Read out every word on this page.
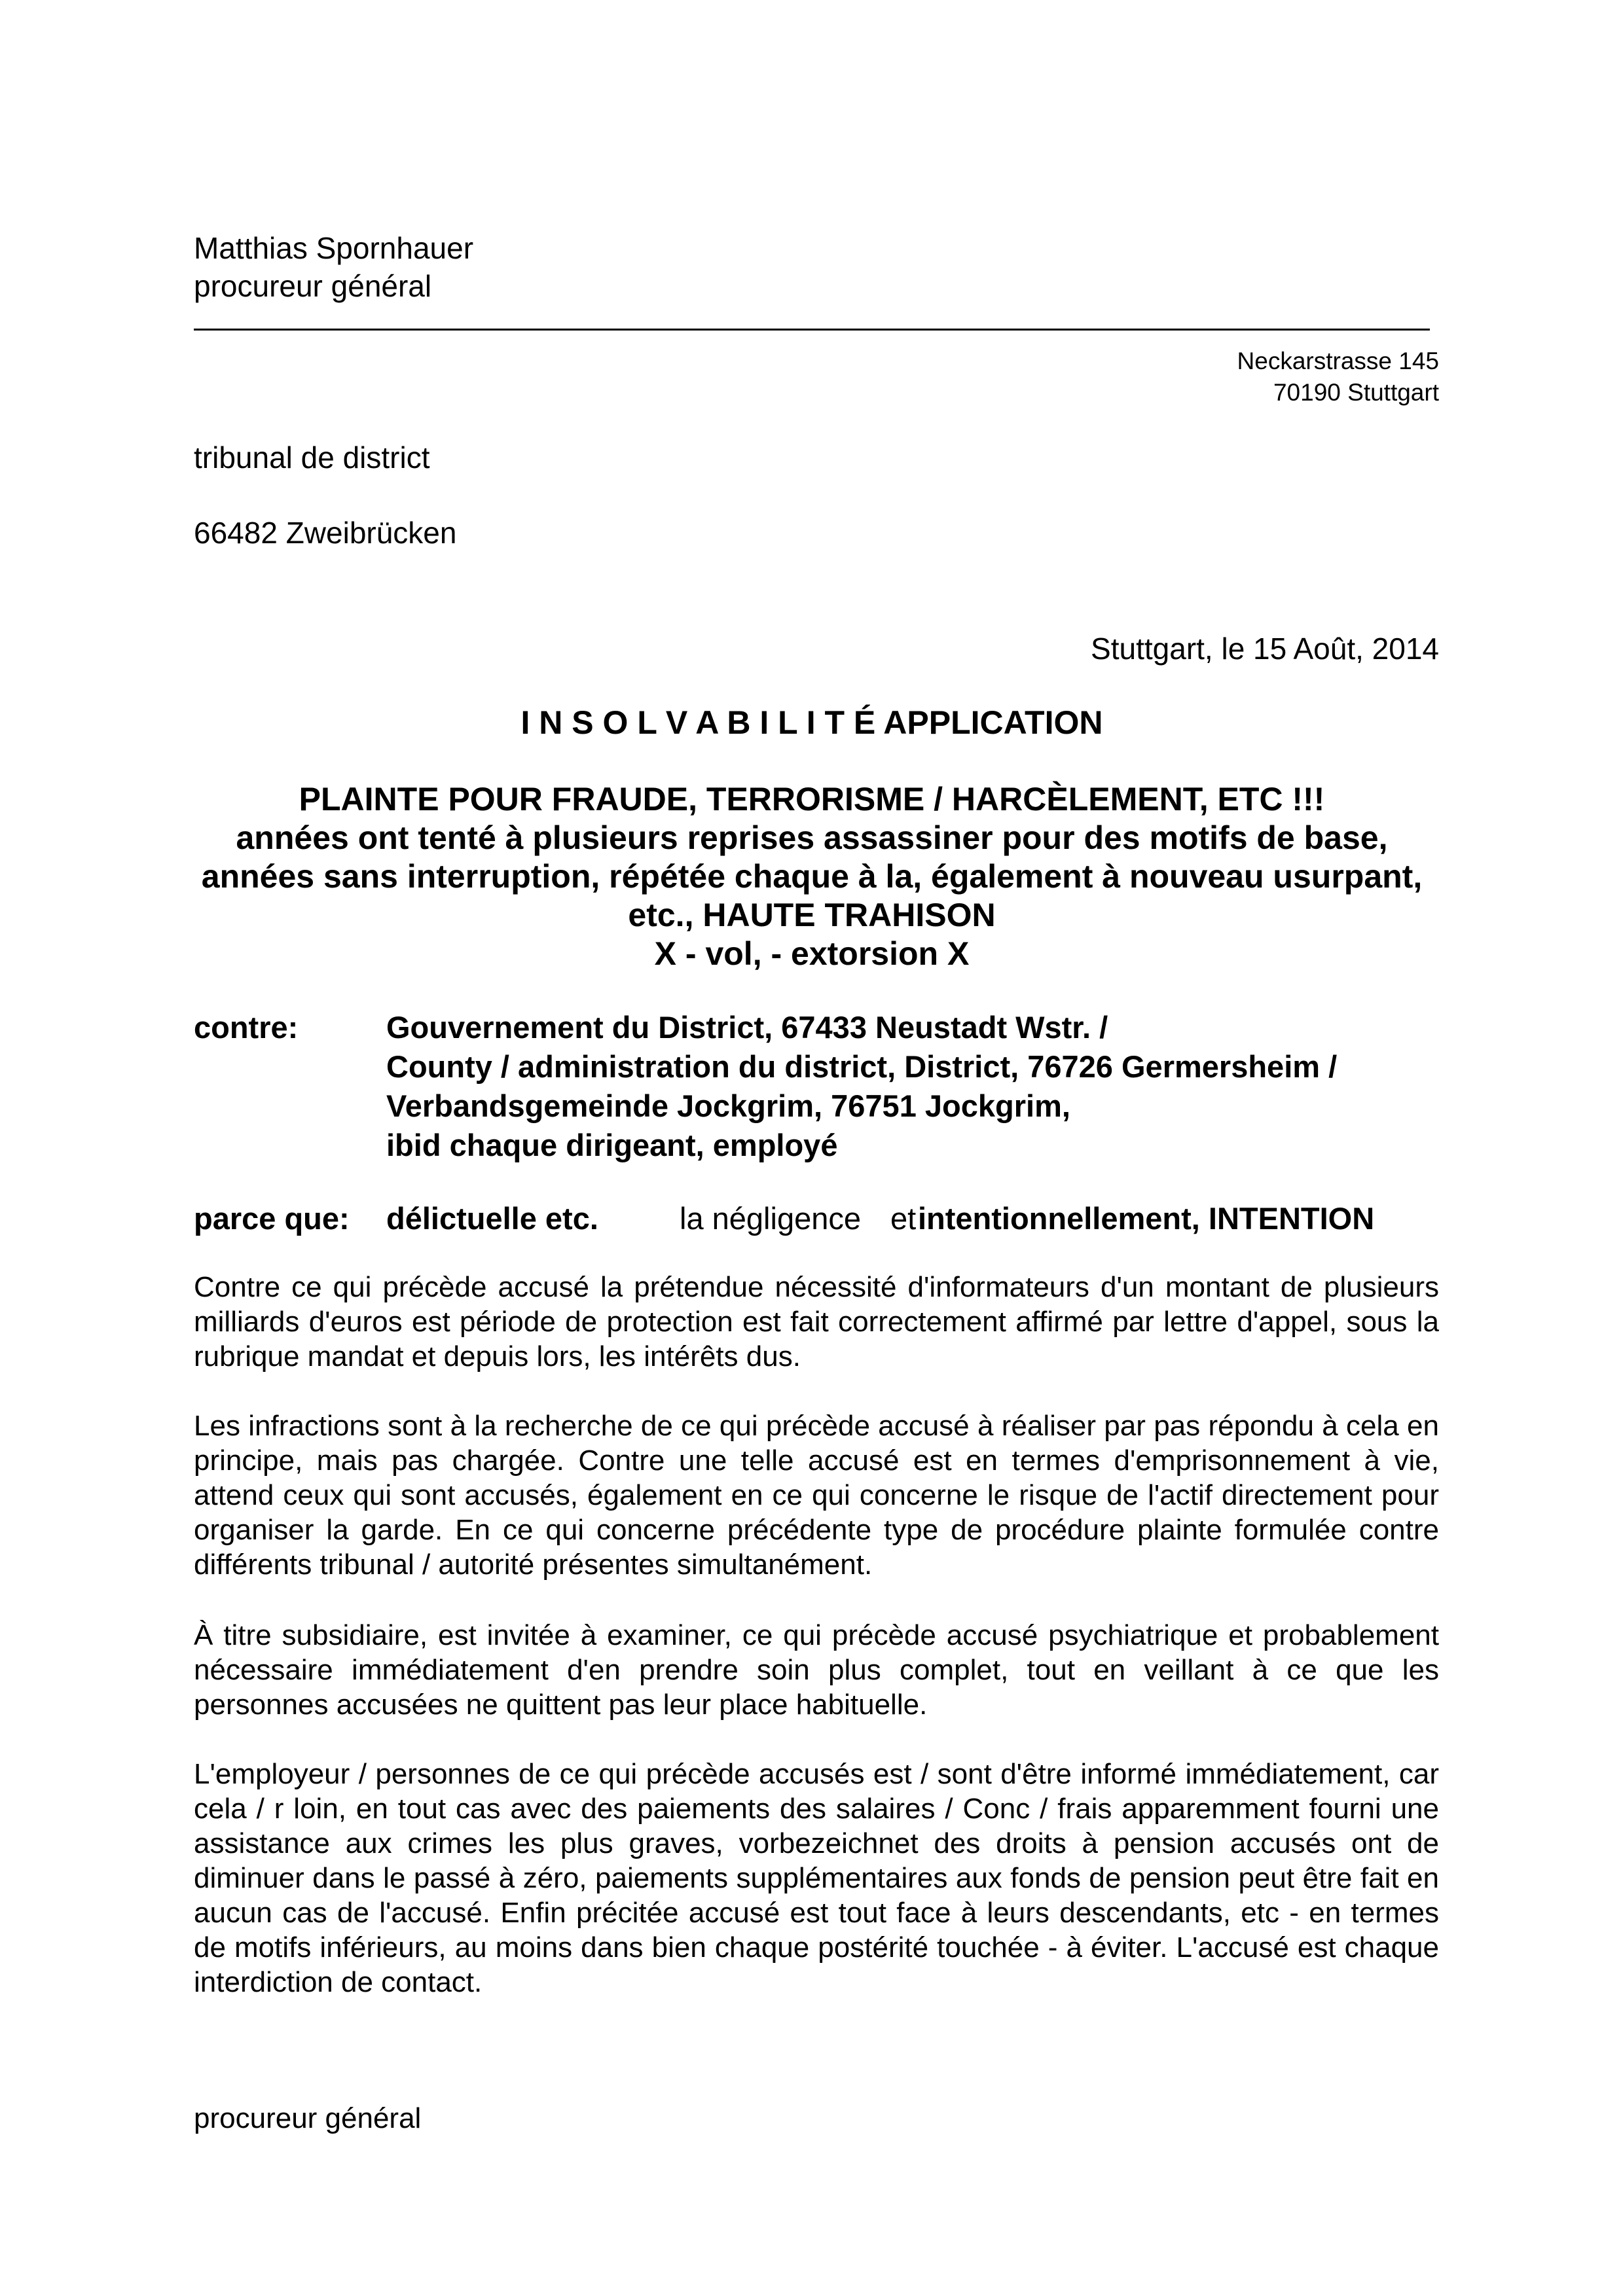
Matthias Spornhauer
procureur général
Neckarstrasse 145
70190 Stuttgart
tribunal de district
66482 Zweibrücken
Stuttgart, le 15 Août, 2014
I N S O L V A B I L I T É APPLICATION
PLAINTE POUR FRAUDE, TERRORISME / HARCÈLEMENT, ETC !!!
années ont tenté à plusieurs reprises assassiner pour des motifs de base,
années sans interruption, répétée chaque à la, également à nouveau usurpant,
etc., HAUTE TRAHISON
X - vol, - extorsion X
contre:	Gouvernement du District, 67433 Neustadt Wstr. /
County / administration du district, District, 76726 Germersheim /
Verbandsgemeinde Jockgrim, 76751 Jockgrim,
ibid chaque dirigeant, employé
parce que: délictuelle etc.	la négligence et intentionnellement, INTENTION
Contre ce qui précède accusé la prétendue nécessité d'informateurs d'un montant de plusieurs milliards d'euros est période de protection est fait correctement affirmé par lettre d'appel, sous la rubrique mandat et depuis lors, les intérêts dus.
Les infractions sont à la recherche de ce qui précède accusé à réaliser par pas répondu à cela en principe, mais pas chargée. Contre une telle accusé est en termes d'emprisonnement à vie, attend ceux qui sont accusés, également en ce qui concerne le risque de l'actif directement pour organiser la garde. En ce qui concerne précédente type de procédure plainte formulée contre différents tribunal / autorité présentes simultanément.
À titre subsidiaire, est invitée à examiner, ce qui précède accusé psychiatrique et probablement nécessaire immédiatement d'en prendre soin plus complet, tout en veillant à ce que les personnes accusées ne quittent pas leur place habituelle.
L'employeur / personnes de ce qui précède accusés est / sont d'être informé immédiatement, car cela / r loin, en tout cas avec des paiements des salaires / Conc / frais apparemment fourni une assistance aux crimes les plus graves, vorbezeichnet des droits à pension accusés ont de diminuer dans le passé à zéro, paiements supplémentaires aux fonds de pension peut être fait en aucun cas de l'accusé. Enfin précitée accusé est tout face à leurs descendants, etc - en termes de motifs inférieurs, au moins dans bien chaque postérité touchée - à éviter. L'accusé est chaque interdiction de contact.
procureur général
